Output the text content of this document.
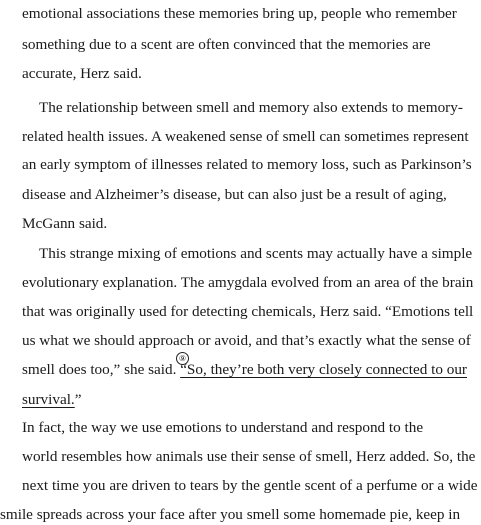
emotional associations these memories bring up, people who remember
something due to a scent are often convinced that the memories are
accurate, Herz said.
The relationship between smell and memory also extends to memory-
related health issues. A weakened sense of smell can sometimes represent
an early symptom of illnesses related to memory loss, such as Parkinson’s
disease and Alzheimer’s disease, but can also just be a result of aging,
McGann said.
This strange mixing of emotions and scents may actually have a simple
evolutionary explanation. The amygdala evolved from an area of the brain
that was originally used for detecting chemicals, Herz said. “Emotions tell
us what we should approach or avoid, and that’s exactly what the sense of
smell does too,” she said. “So, they’re both very closely connected to our
survival.”
⑨
In fact, the way we use emotions to understand and respond to the
world resembles how animals use their sense of smell, Herz added. So, the
next time you are driven to tears by the gentle scent of a perfume or a wide
smile spreads across your face after you smell some homemade pie, keep in
